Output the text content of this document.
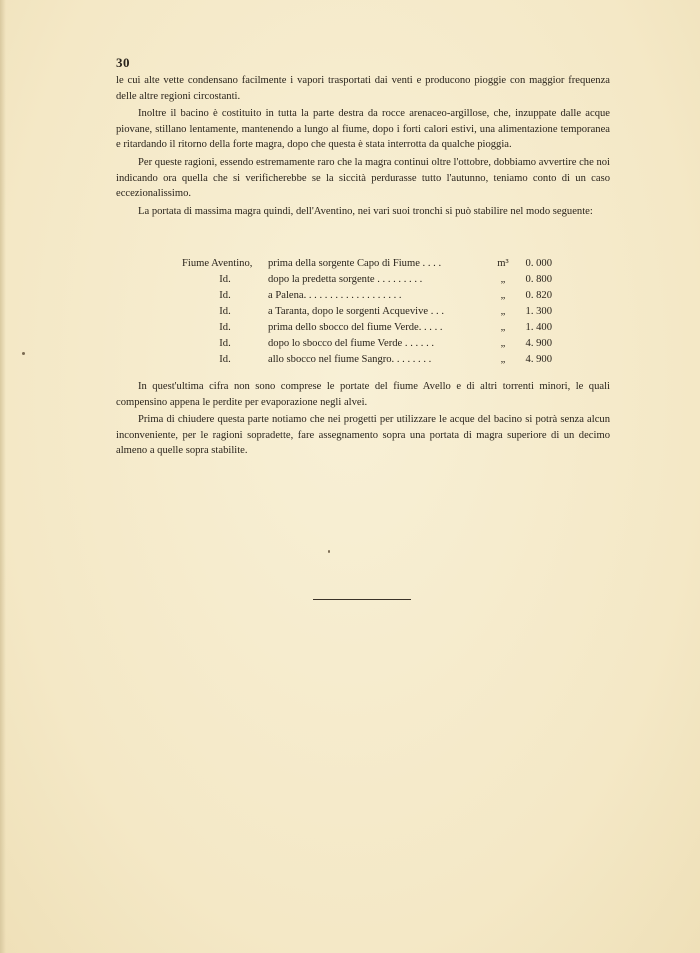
30

le cui alte vette condensano facilmente i vapori trasportati dai venti e producono pioggie con maggior frequenza delle altre regioni circostanti.

Inoltre il bacino è costituito in tutta la parte destra da rocce arenaceo-argillose, che, inzuppate dalle acque piovane, stillano lentamente, mantenendo a lungo al fiume, dopo i forti calori estivi, una alimentazione temporanea e ritardando il ritorno della forte magra, dopo che questa è stata interrotta da qualche pioggia.

Per queste ragioni, essendo estremamente raro che la magra continui oltre l'ottobre, dobbiamo avvertire che noi indicando ora quella che si verificherebbe se la siccità perdurasse tutto l'autunno, teniamo conto di un caso eccezionalissimo.

La portata di massima magra quindi, dell'Aventino, nei vari suoi tronchi si può stabilire nel modo seguente:

Fiume Aventino,	prima della sorgente Capo di Fiume . . . .	m³	0. 000
Id.	dopo la predetta sorgente . . . . . . . . .	„	0. 800
Id.	a Palena. . . . . . . . . . . . . . . . . . .	„	0. 820
Id.	a Taranta, dopo le sorgenti Acquevive . . .	„	1. 300
Id.	prima dello sbocco del fiume Verde. . . . .	„	1. 400
Id.	dopo lo sbocco del fiume Verde . . . . . .	„	4. 900
Id.	allo sbocco nel fiume Sangro. . . . . . . .	„	4. 900

In quest'ultima cifra non sono comprese le portate del fiume Avello e di altri torrenti minori, le quali compensino appena le perdite per evaporazione negli alvei.

Prima di chiudere questa parte notiamo che nei progetti per utilizzare le acque del bacino si potrà senza alcun inconveniente, per le ragioni sopradette, fare assegnamento sopra una portata di magra superiore di un decimo almeno a quelle sopra stabilite.
